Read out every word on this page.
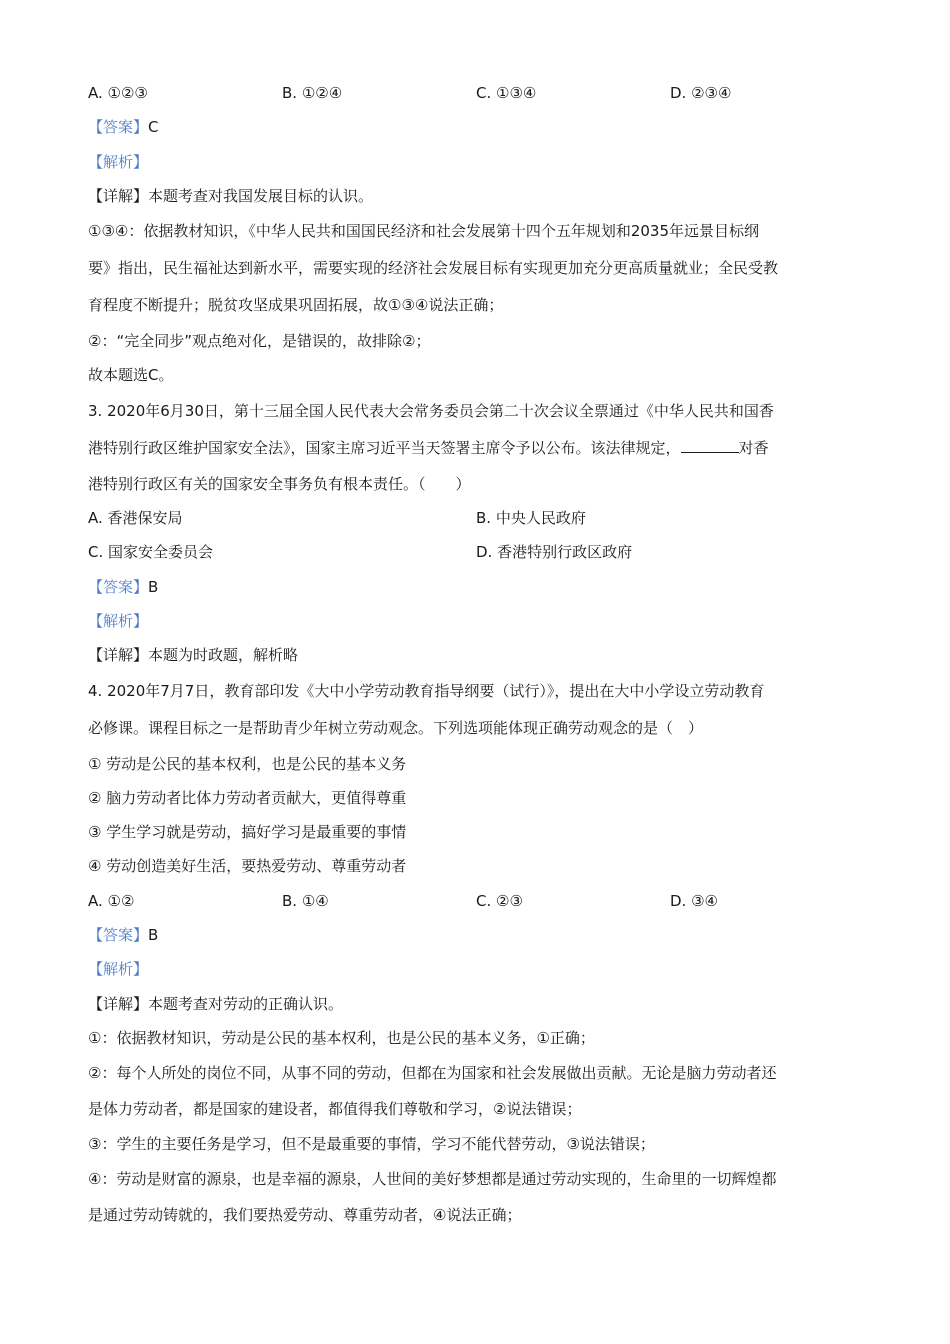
A. ①②③	B. ①②④	C. ①③④	D. ②③④
【答案】C
【解析】
【详解】本题考查对我国发展目标的认识。
①③④：依据教材知识，《中华人民共和国国民经济和社会发展第十四个五年规划和2035年远景目标纲
要》指出，民生福祉达到新水平，需要实现的经济社会发展目标有实现更加充分更高质量就业；全民受教
育程度不断提升；脱贫攻坚成果巩固拓展，故①③④说法正确；
②：“完全同步”观点绝对化，是错误的，故排除②；
故本题选C。
3. 2020年6月30日，第十三届全国人民代表大会常务委员会第二十次会议全票通过《中华人民共和国香
港特别行政区维护国家安全法》，国家主席习近平当天签署主席令予以公布。该法律规定，	对香
港特别行政区有关的国家安全事务负有根本责任。（　　）
A. 香港保安局	B. 中央人民政府
C. 国家安全委员会	D. 香港特别行政区政府
【答案】B
【解析】
【详解】本题为时政题，解析略
4. 2020年7月7日，教育部印发《大中小学劳动教育指导纲要（试行）》，提出在大中小学设立劳动教育
必修课。课程目标之一是帮助青少年树立劳动观念。下列选项能体现正确劳动观念的是（　）
① 劳动是公民的基本权利，也是公民的基本义务
② 脑力劳动者比体力劳动者贡献大，更值得尊重
③ 学生学习就是劳动，搞好学习是最重要的事情
④ 劳动创造美好生活，要热爱劳动、尊重劳动者
A. ①②	B. ①④	C. ②③	D. ③④
【答案】B
【解析】
【详解】本题考查对劳动的正确认识。
①：依据教材知识，劳动是公民的基本权利，也是公民的基本义务，①正确；
②：每个人所处的岗位不同，从事不同的劳动，但都在为国家和社会发展做出贡献。无论是脑力劳动者还
是体力劳动者，都是国家的建设者，都值得我们尊敬和学习，②说法错误；
③：学生的主要任务是学习，但不是最重要的事情，学习不能代替劳动，③说法错误；
④：劳动是财富的源泉，也是幸福的源泉，人世间的美好梦想都是通过劳动实现的，生命里的一切辉煌都
是通过劳动铸就的，我们要热爱劳动、尊重劳动者，④说法正确；
